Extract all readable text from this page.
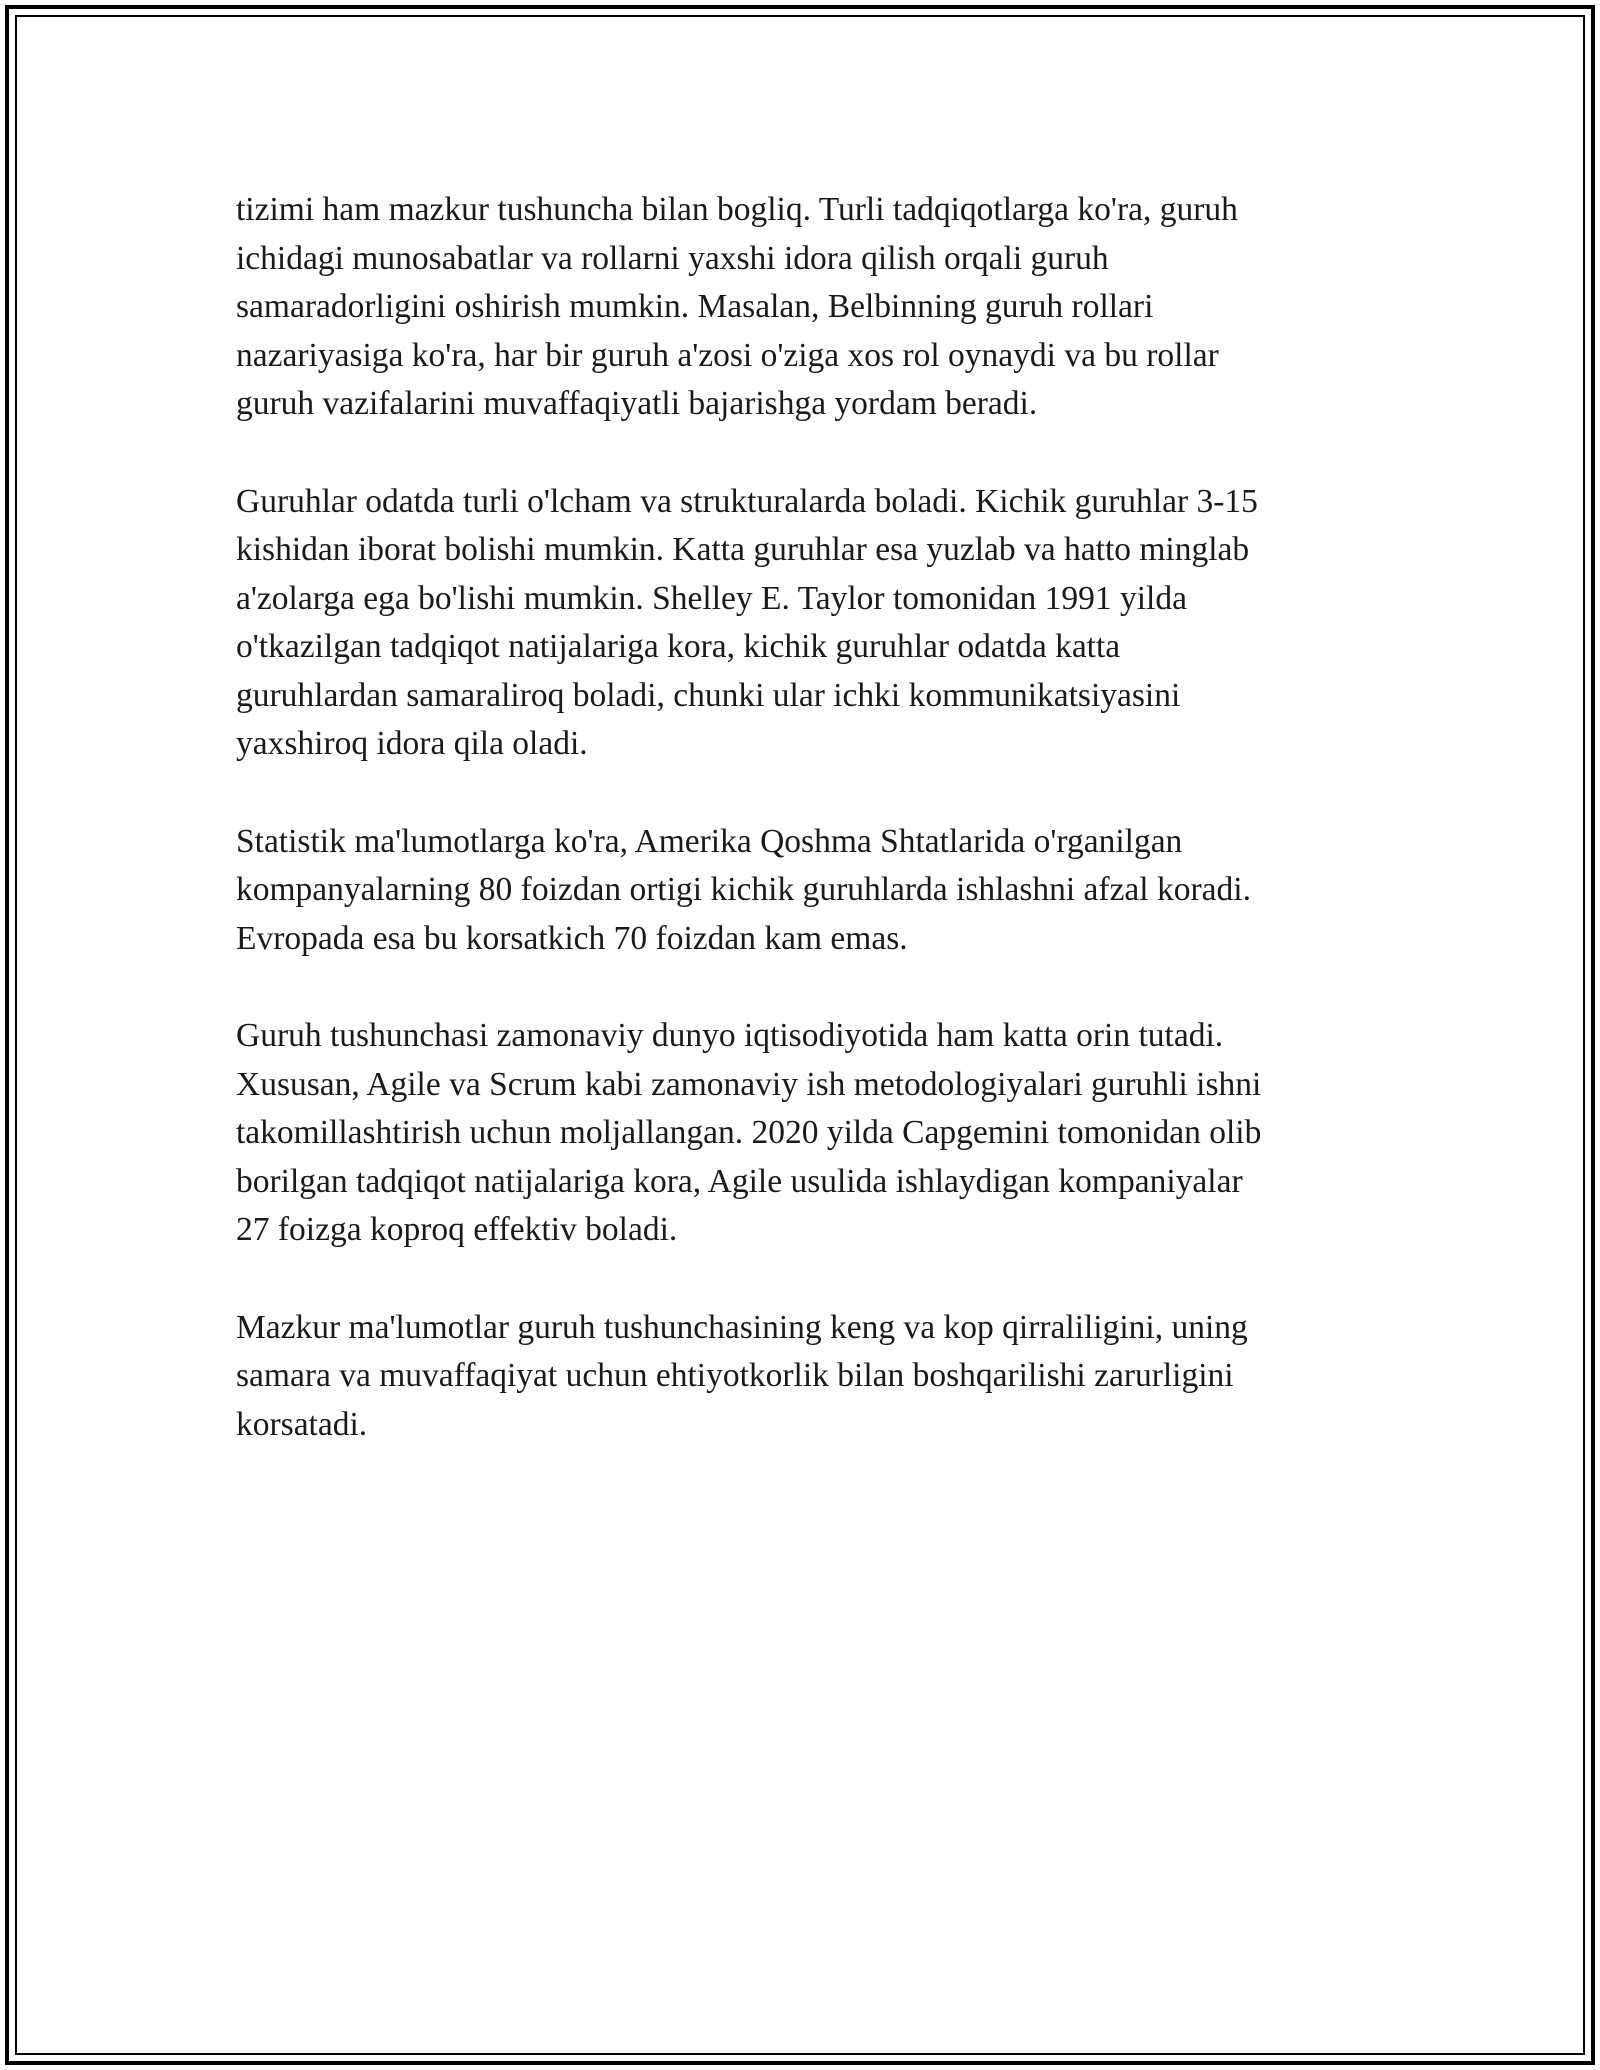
tizimi ham mazkur tushuncha bilan bogliq. Turli tadqiqotlarga ko'ra, guruh
ichidagi munosabatlar va rollarni yaxshi idora qilish orqali guruh
samaradorligini oshirish mumkin. Masalan, Belbinning guruh rollari
nazariyasiga ko'ra, har bir guruh a'zosi o'ziga xos rol oynaydi va bu rollar
guruh vazifalarini muvaffaqiyatli bajarishga yordam beradi.

Guruhlar odatda turli o'lcham va strukturalarda boladi. Kichik guruhlar 3-15
kishidan iborat bolishi mumkin. Katta guruhlar esa yuzlab va hatto minglab
a'zolarga ega bo'lishi mumkin. Shelley E. Taylor tomonidan 1991 yilda
o'tkazilgan tadqiqot natijalariga kora, kichik guruhlar odatda katta
guruhlardan samaraliroq boladi, chunki ular ichki kommunikatsiyasini
yaxshiroq idora qila oladi.

Statistik ma'lumotlarga ko'ra, Amerika Qoshma Shtatlarida o'rganilgan
kompanyalarning 80 foizdan ortigi kichik guruhlarda ishlashni afzal koradi.
Evropada esa bu korsatkich 70 foizdan kam emas.

Guruh tushunchasi zamonaviy dunyo iqtisodiyotida ham katta orin tutadi.
Xususan, Agile va Scrum kabi zamonaviy ish metodologiyalari guruhli ishni
takomillashtirish uchun moljallangan. 2020 yilda Capgemini tomonidan olib
borilgan tadqiqot natijalariga kora, Agile usulida ishlaydigan kompaniyalar
27 foizga koproq effektiv boladi.

Mazkur ma'lumotlar guruh tushunchasining keng va kop qirraliligini, uning
samara va muvaffaqiyat uchun ehtiyotkorlik bilan boshqarilishi zarurligini
korsatadi.
